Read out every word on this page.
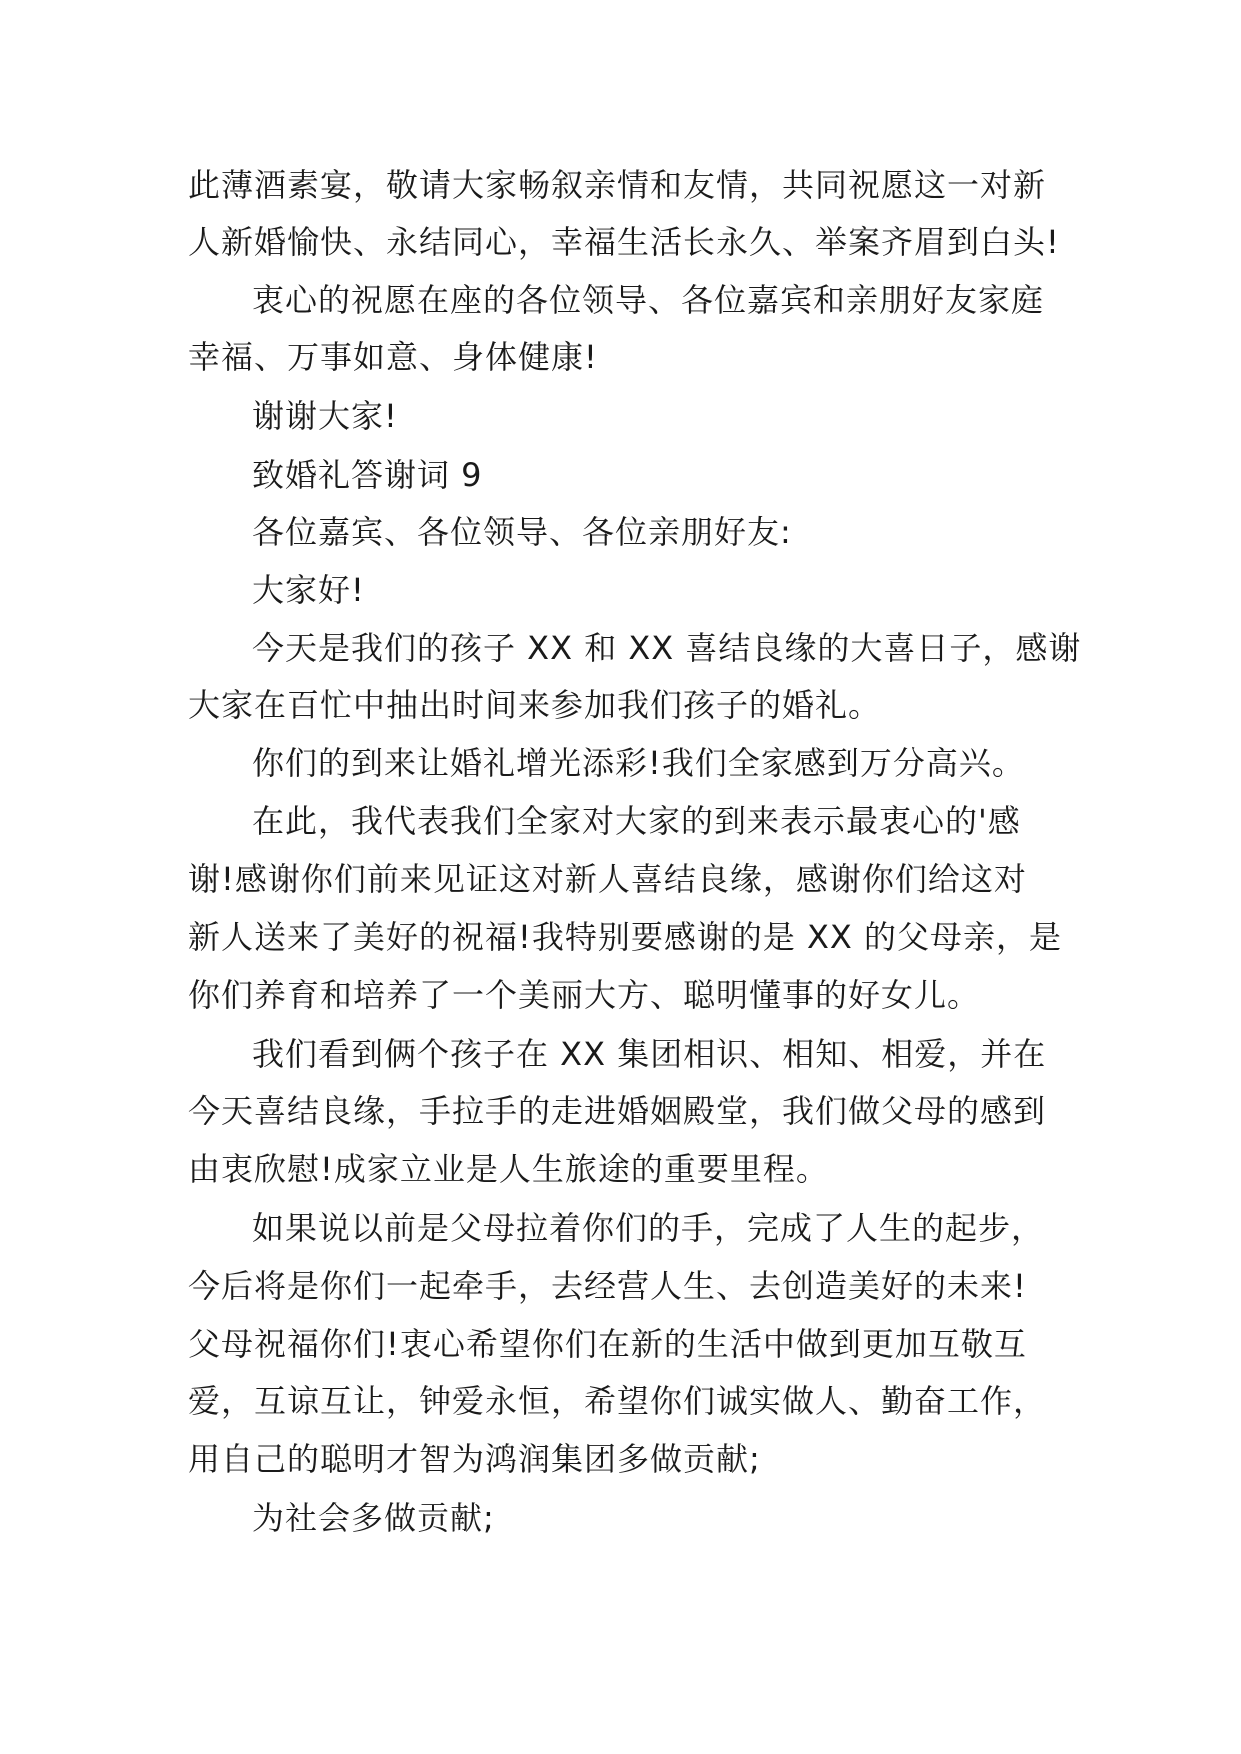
此薄酒素宴，敬请大家畅叙亲情和友情，共同祝愿这一对新
人新婚愉快、永结同心，幸福生活长永久、举案齐眉到白头!
衷心的祝愿在座的各位领导、各位嘉宾和亲朋好友家庭
幸福、万事如意、身体健康!
谢谢大家!
致婚礼答谢词 9
各位嘉宾、各位领导、各位亲朋好友:
大家好!
今天是我们的孩子 XX 和 XX 喜结良缘的大喜日子，感谢
大家在百忙中抽出时间来参加我们孩子的婚礼。
你们的到来让婚礼增光添彩!我们全家感到万分高兴。
在此，我代表我们全家对大家的到来表示最衷心的'感
谢!感谢你们前来见证这对新人喜结良缘，感谢你们给这对
新人送来了美好的祝福!我特别要感谢的是 XX 的父母亲，是
你们养育和培养了一个美丽大方、聪明懂事的好女儿。
我们看到俩个孩子在 XX 集团相识、相知、相爱，并在
今天喜结良缘，手拉手的走进婚姻殿堂，我们做父母的感到
由衷欣慰!成家立业是人生旅途的重要里程。
如果说以前是父母拉着你们的手，完成了人生的起步，
今后将是你们一起牵手，去经营人生、去创造美好的未来!
父母祝福你们!衷心希望你们在新的生活中做到更加互敬互
爱，互谅互让，钟爱永恒，希望你们诚实做人、勤奋工作，
用自己的聪明才智为鸿润集团多做贡献;
为社会多做贡献;
